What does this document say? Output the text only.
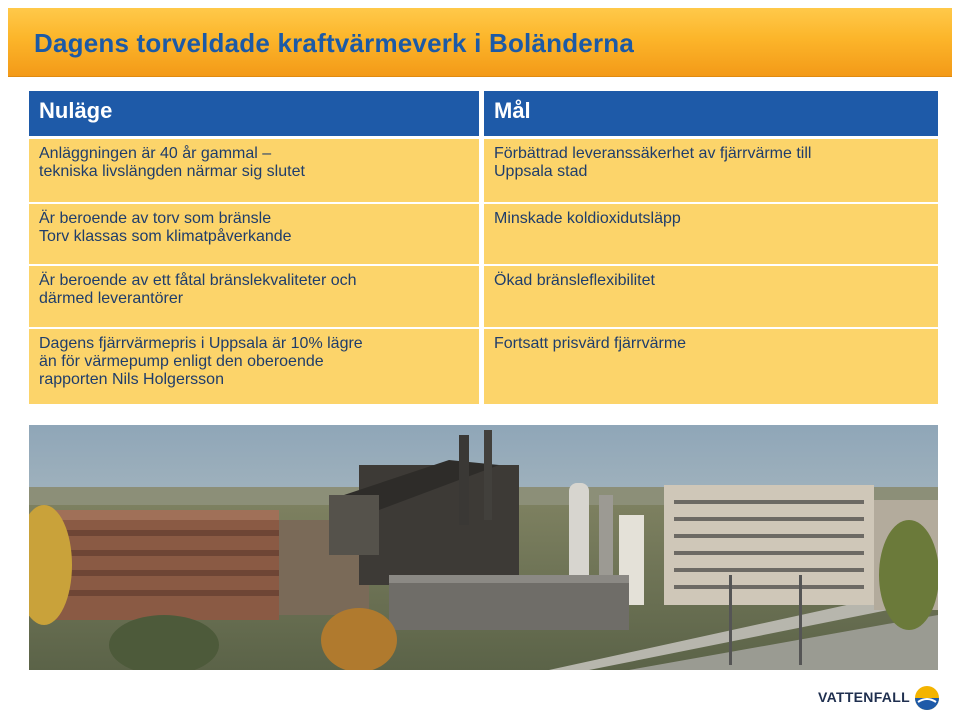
Dagens torveldade kraftvärmeverk i Boländerna
Nuläge
Anläggningen är 40 år gammal –
tekniska livslängden närmar sig slutet
Är beroende av torv som bränsle
Torv klassas som klimatpåverkande
Är beroende av ett fåtal bränslekvaliteter och
därmed leverantörer
Dagens fjärrvärmepris i Uppsala är 10% lägre
än för värmepump enligt den oberoende
rapporten Nils Holgersson
Mål
Förbättrad leveranssäkerhet av fjärrvärme till
Uppsala stad
Minskade koldioxidutsläpp
Ökad bränsleflexibilitet
Fortsatt prisvärd fjärrvärme
VATTENFALL
